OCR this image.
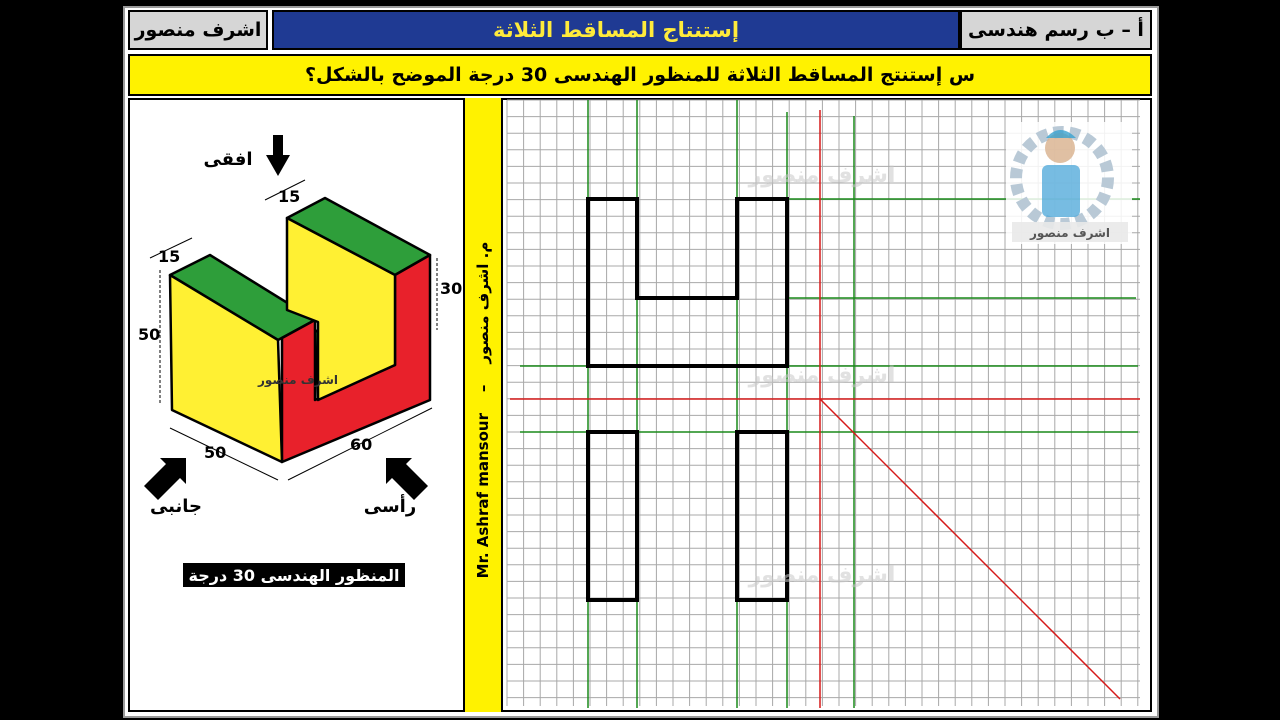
اشرف منصور	إستنتاج المساقط الثلاثة	أ – ب رسم هندسى
س إستنتج المساقط الثلاثة للمنظور الهندسى 30 درجة الموضح بالشكل؟
اشرف منصور
اشرف منصور
اشرف منصور
اشرف منصور
15
15
50
30
50	60
افقى
جانبى	رأسى
اشرف منصور
Mr. Ashraf mansour    –    م. اشرف منصور
المنظور الهندسى 30 درجة
